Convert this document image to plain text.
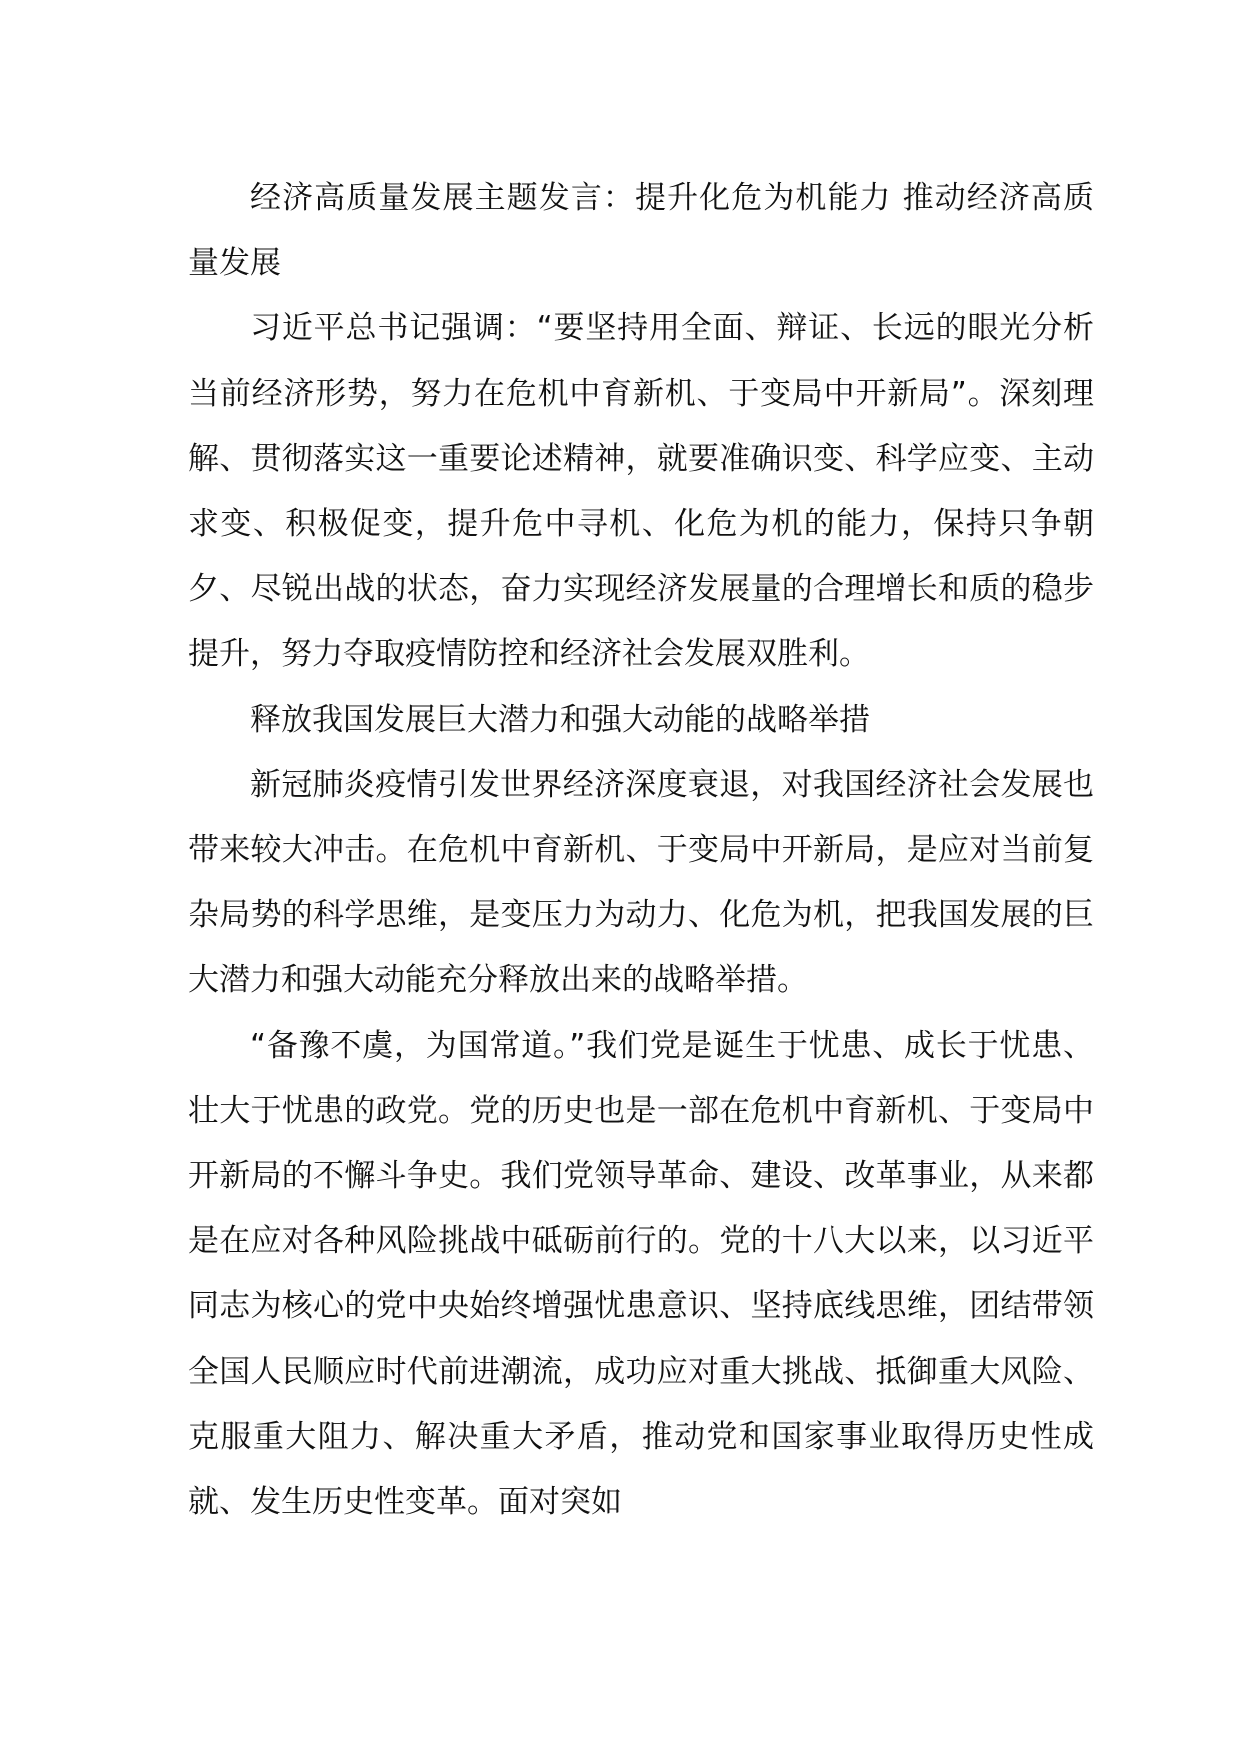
经济高质量发展主题发言：提升化危为机能力 推动经济高质量发展

习近平总书记强调：“要坚持用全面、辩证、长远的眼光分析当前经济形势，努力在危机中育新机、于变局中开新局”。深刻理解、贯彻落实这一重要论述精神，就要准确识变、科学应变、主动求变、积极促变，提升危中寻机、化危为机的能力，保持只争朝夕、尽锐出战的状态，奋力实现经济发展量的合理增长和质的稳步提升，努力夺取疫情防控和经济社会发展双胜利。

释放我国发展巨大潜力和强大动能的战略举措

新冠肺炎疫情引发世界经济深度衰退，对我国经济社会发展也带来较大冲击。在危机中育新机、于变局中开新局，是应对当前复杂局势的科学思维，是变压力为动力、化危为机，把我国发展的巨大潜力和强大动能充分释放出来的战略举措。

“备豫不虞，为国常道。”我们党是诞生于忧患、成长于忧患、壮大于忧患的政党。党的历史也是一部在危机中育新机、于变局中开新局的不懈斗争史。我们党领导革命、建设、改革事业，从来都是在应对各种风险挑战中砥砺前行的。党的十八大以来，以习近平同志为核心的党中央始终增强忧患意识、坚持底线思维，团结带领全国人民顺应时代前进潮流，成功应对重大挑战、抵御重大风险、克服重大阻力、解决重大矛盾，推动党和国家事业取得历史性成就、发生历史性变革。面对突如
